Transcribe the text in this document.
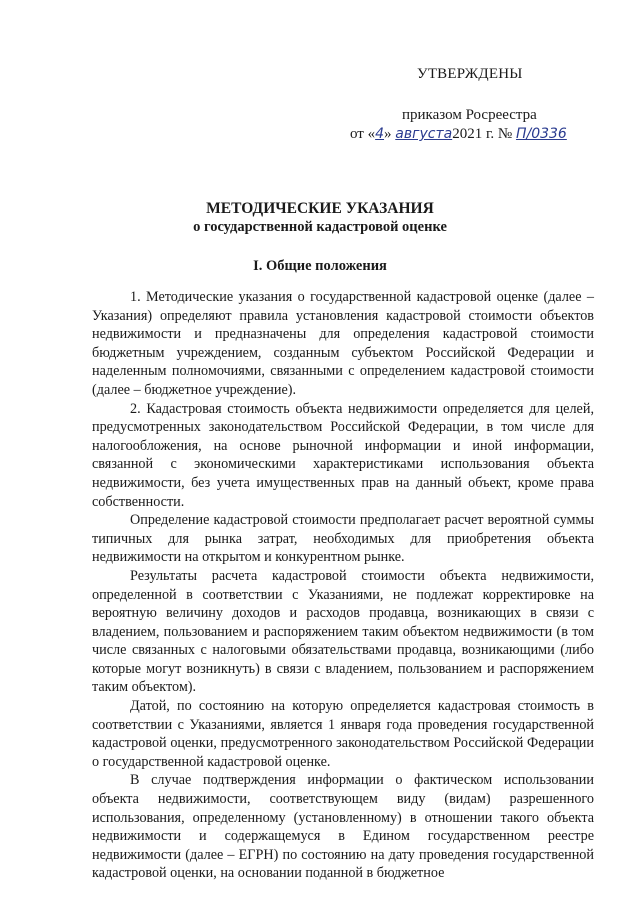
УТВЕРЖДЕНЫ
приказом Росреестра
от «4» августа2021 г. № П/0336
МЕТОДИЧЕСКИЕ УКАЗАНИЯ
о государственной кадастровой оценке
I. Общие положения

1. Методические указания о государственной кадастровой оценке (далее – Указания) определяют правила установления кадастровой стоимости объектов недвижимости и предназначены для определения кадастровой стоимости бюджетным учреждением, созданным субъектом Российской Федерации и наделенным полномочиями, связанными с определением кадастровой стоимости (далее – бюджетное учреждение).

2. Кадастровая стоимость объекта недвижимости определяется для целей, предусмотренных законодательством Российской Федерации, в том числе для налогообложения, на основе рыночной информации и иной информации, связанной с экономическими характеристиками использования объекта недвижимости, без учета имущественных прав на данный объект, кроме права собственности.

Определение кадастровой стоимости предполагает расчет вероятной суммы типичных для рынка затрат, необходимых для приобретения объекта недвижимости на открытом и конкурентном рынке.

Результаты расчета кадастровой стоимости объекта недвижимости, определенной в соответствии с Указаниями, не подлежат корректировке на вероятную величину доходов и расходов продавца, возникающих в связи с владением, пользованием и распоряжением таким объектом недвижимости (в том числе связанных с налоговыми обязательствами продавца, возникающими (либо которые могут возникнуть) в связи с владением, пользованием и распоряжением таким объектом).

Датой, по состоянию на которую определяется кадастровая стоимость в соответствии с Указаниями, является 1 января года проведения государственной кадастровой оценки, предусмотренного законодательством Российской Федерации о государственной кадастровой оценке.

В случае подтверждения информации о фактическом использовании объекта недвижимости, соответствующем виду (видам) разрешенного использования, определенному (установленному) в отношении такого объекта недвижимости и содержащемуся в Едином государственном реестре недвижимости (далее – ЕГРН) по состоянию на дату проведения государственной кадастровой оценки, на основании поданной в бюджетное
